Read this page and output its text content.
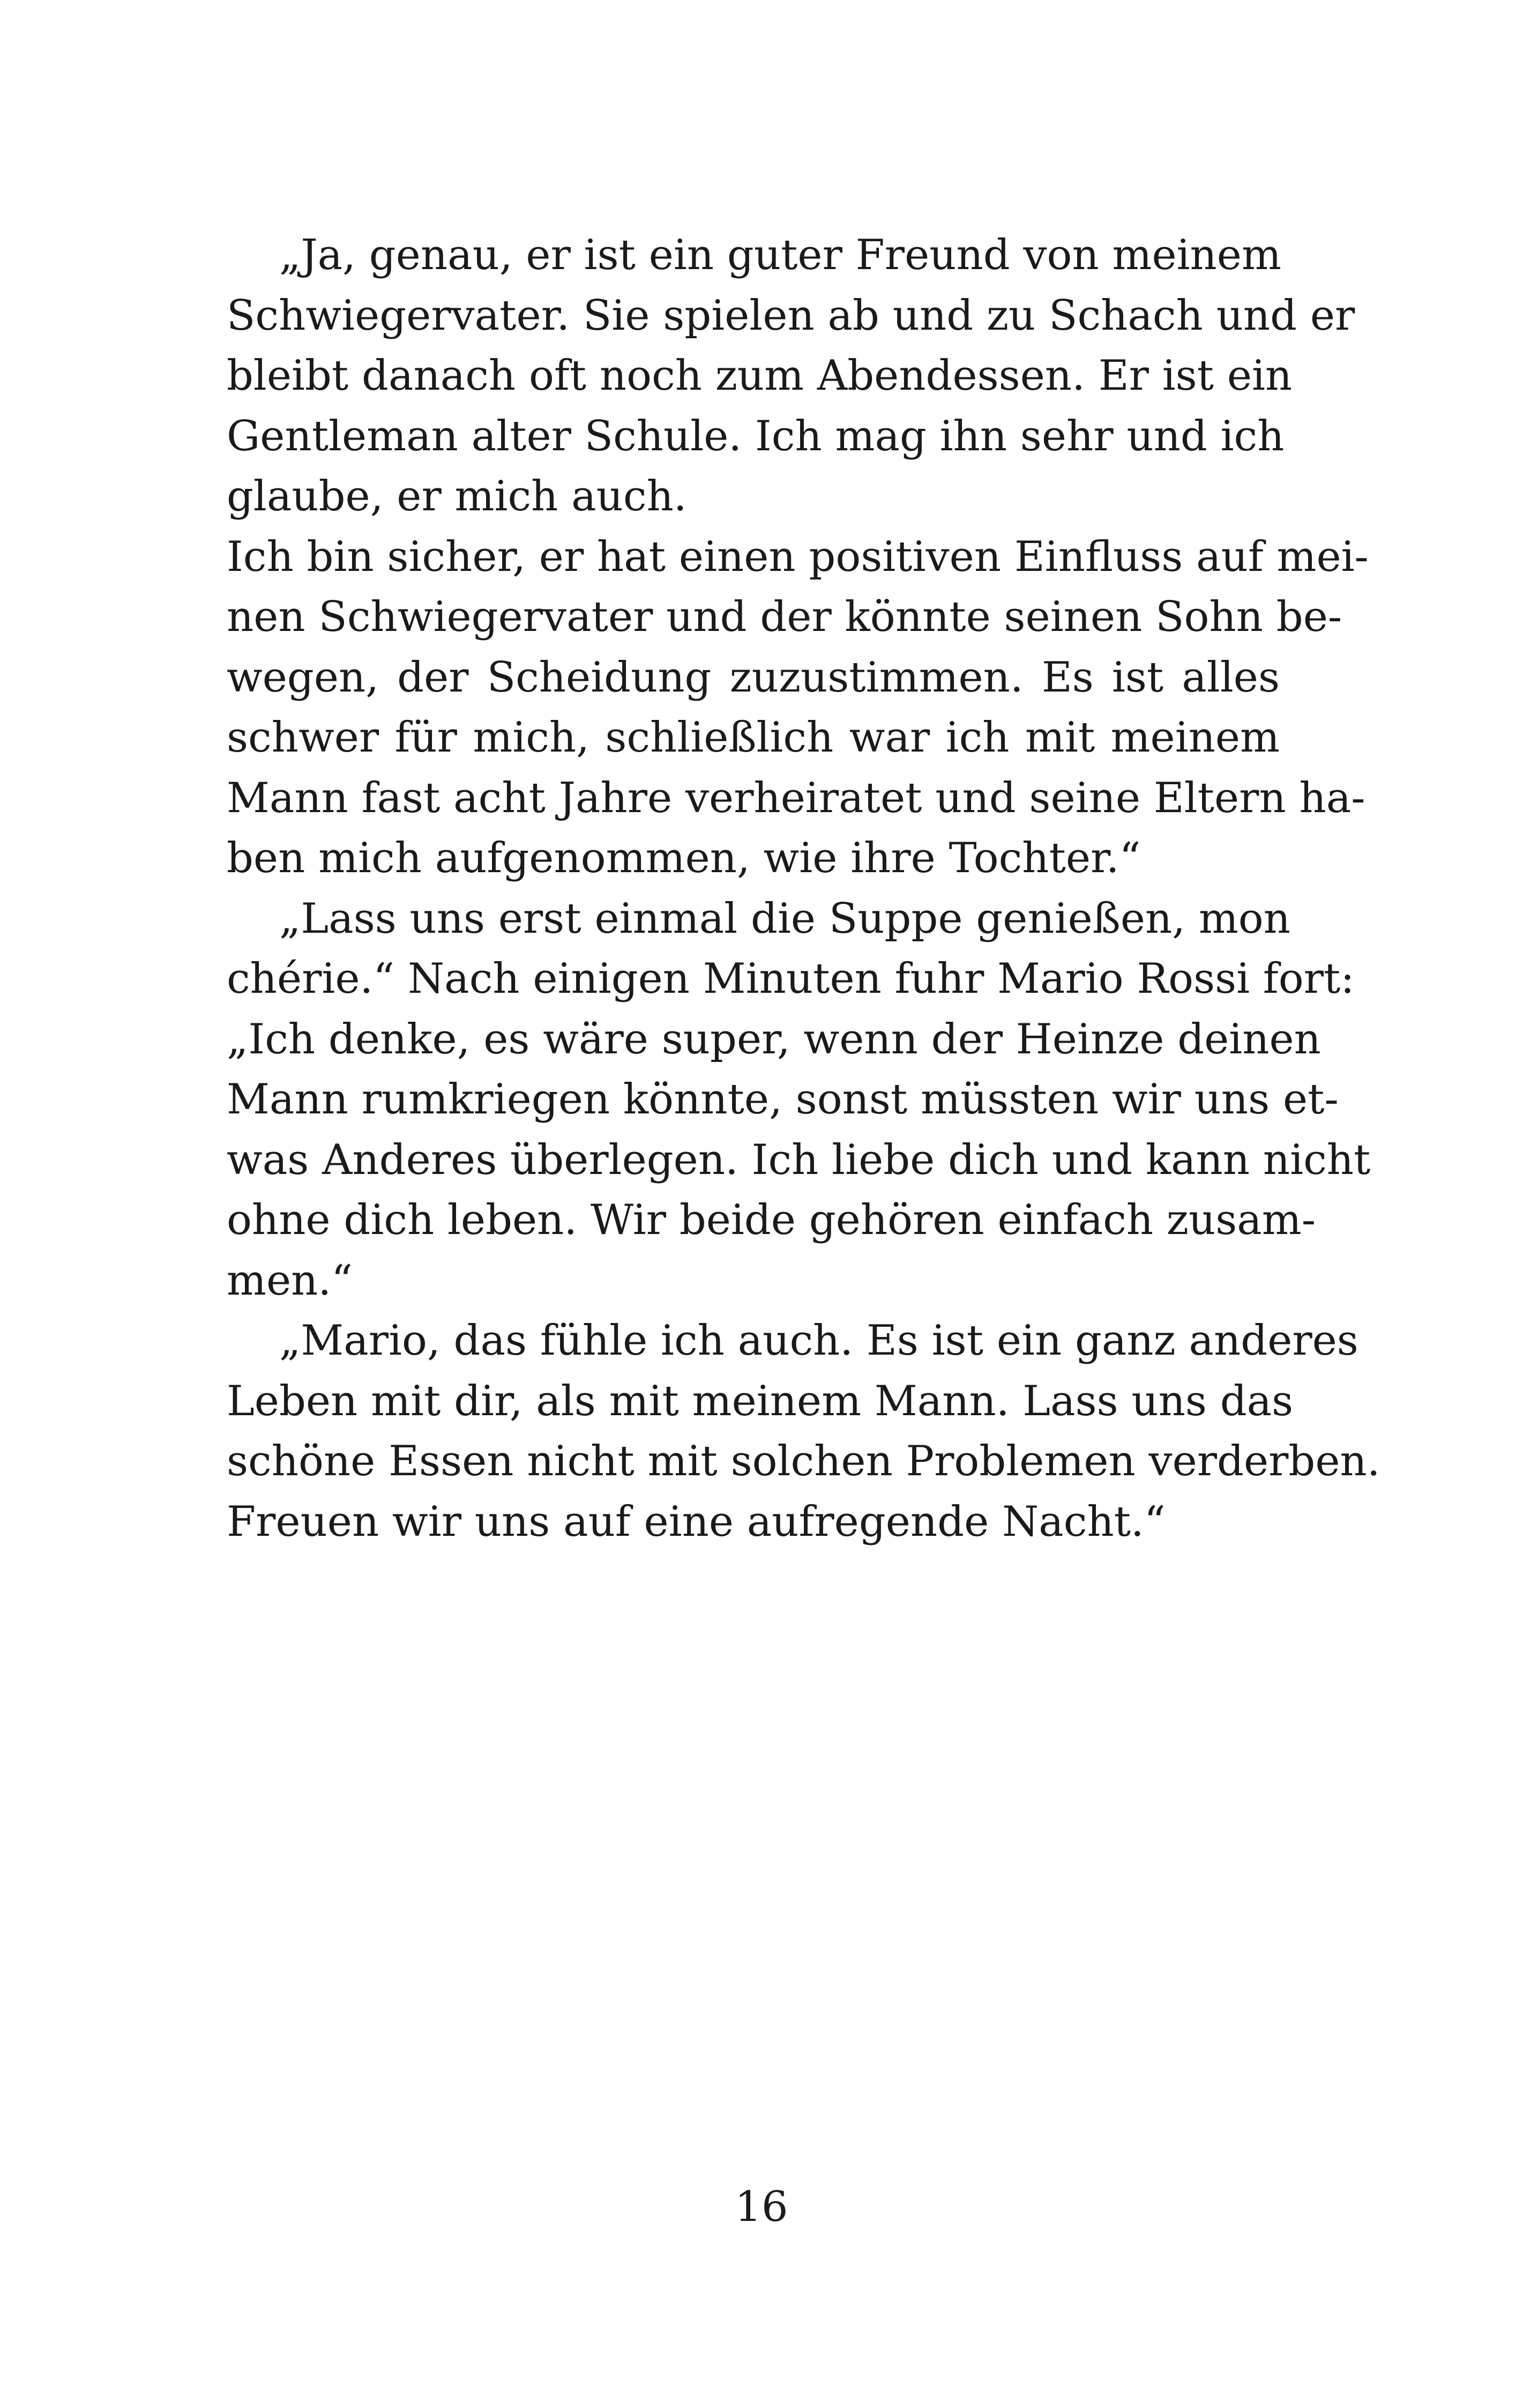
„Ja, genau, er ist ein guter Freund von meinem
Schwiegervater. Sie spielen ab und zu Schach und er
bleibt danach oft noch zum Abendessen. Er ist ein
Gentleman alter Schule. Ich mag ihn sehr und ich
glaube, er mich auch.
Ich bin sicher, er hat einen positiven Einfluss auf mei-
nen Schwiegervater und der könnte seinen Sohn be-
wegen, der Scheidung zuzustimmen. Es ist alles
schwer für mich, schließlich war ich mit meinem
Mann fast acht Jahre verheiratet und seine Eltern ha-
ben mich aufgenommen, wie ihre Tochter.“
„Lass uns erst einmal die Suppe genießen, mon
chérie.“ Nach einigen Minuten fuhr Mario Rossi fort:
„Ich denke, es wäre super, wenn der Heinze deinen
Mann rumkriegen könnte, sonst müssten wir uns et-
was Anderes überlegen. Ich liebe dich und kann nicht
ohne dich leben. Wir beide gehören einfach zusam-
men.“
„Mario, das fühle ich auch. Es ist ein ganz anderes
Leben mit dir, als mit meinem Mann. Lass uns das
schöne Essen nicht mit solchen Problemen verderben.
Freuen wir uns auf eine aufregende Nacht.“
16
